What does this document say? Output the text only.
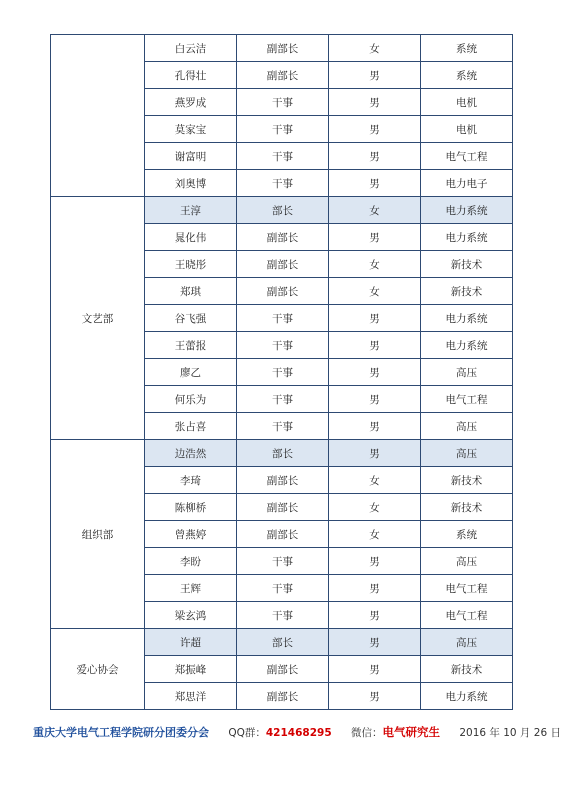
	白云洁	副部长	女	系统
	孔得壮	副部长	男	系统
	燕罗成	干事	男	电机
	莫家宝	干事	男	电机
	谢富明	干事	男	电气工程
	刘奥博	干事	男	电力电子
文艺部	王淳	部长	女	电力系统
	晁化伟	副部长	男	电力系统
	王晓彤	副部长	女	新技术
	郑琪	副部长	女	新技术
	谷飞强	干事	男	电力系统
	王蕾报	干事	男	电力系统
	廖乙	干事	男	高压
	何乐为	干事	男	电气工程
	张占喜	干事	男	高压
组织部	边浩然	部长	男	高压
	李琦	副部长	女	新技术
	陈柳桥	副部长	女	新技术
	曾燕婷	副部长	女	系统
	李盼	干事	男	高压
	王辉	干事	男	电气工程
	梁玄鸿	干事	男	电气工程
爱心协会	许超	部长	男	高压
	郑振峰	副部长	男	新技术
	郑思洋	副部长	男	电力系统
重庆大学电气工程学院研分团委分会 QQ群：421468295 微信：电气研究生 2016 年 10 月 26 日
